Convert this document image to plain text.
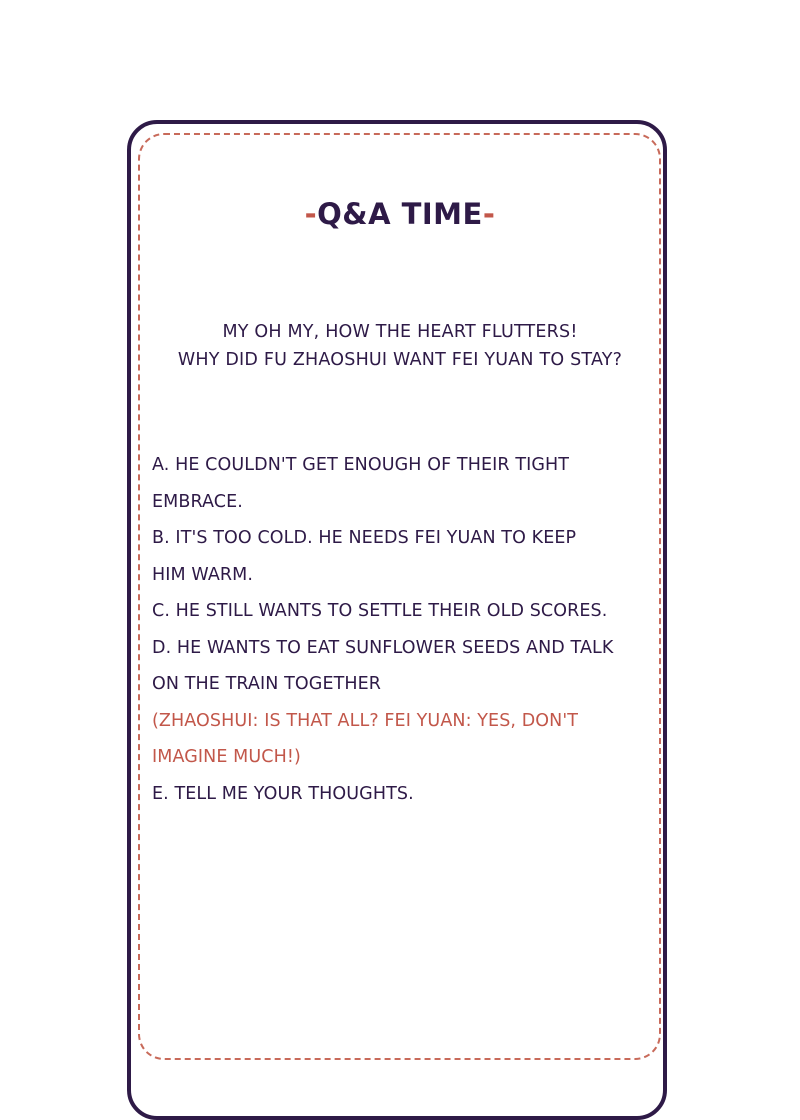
-Q&A TIME-
MY OH MY, HOW THE HEART FLUTTERS!
WHY DID FU ZHAOSHUI WANT FEI YUAN TO STAY?
A. HE COULDN'T GET ENOUGH OF THEIR TIGHT
EMBRACE.
B. IT'S TOO COLD. HE NEEDS FEI YUAN TO KEEP
HIM WARM.
C. HE STILL WANTS TO SETTLE THEIR OLD SCORES.
D. HE WANTS TO EAT SUNFLOWER SEEDS AND TALK
ON THE TRAIN TOGETHER
(ZHAOSHUI: IS THAT ALL? FEI YUAN: YES, DON'T
IMAGINE MUCH!)
E. TELL ME YOUR THOUGHTS.
